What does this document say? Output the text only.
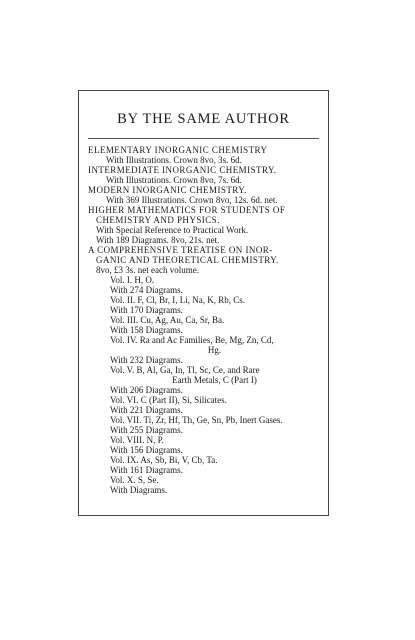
BY THE SAME AUTHOR
ELEMENTARY INORGANIC CHEMISTRY
With Illustrations. Crown 8vo, 3s. 6d.
INTERMEDIATE INORGANIC CHEMISTRY.
With Illustrations. Crown 8vo, 7s. 6d.
MODERN INORGANIC CHEMISTRY.
With 369 Illustrations. Crown 8vo, 12s. 6d. net.
HIGHER MATHEMATICS FOR STUDENTS OF
CHEMISTRY AND PHYSICS.
With Special Reference to Practical Work.
With 189 Diagrams. 8vo, 21s. net.
A COMPREHENSIVE TREATISE ON INOR-
GANIC AND THEORETICAL CHEMISTRY.
8vo, £3 3s. net each volume.
Vol. I. H, O.
With 274 Diagrams.
Vol. II. F, Cl, Br, I, Li, Na, K, Rb, Cs.
With 170 Diagrams.
Vol. III. Cu, Ag, Au, Ca, Sr, Ba.
With 158 Diagrams.
Vol. IV. Ra and Ac Families, Be, Mg, Zn, Cd,
Hg.
With 232 Diagrams.
Vol. V. B, Al, Ga, In, Tl, Sc, Ce, and Rare
Earth Metals, C (Part I)
With 206 Diagrams.
Vol. VI. C (Part II), Si, Silicates.
With 221 Diagrams.
Vol. VII. Ti, Zr, Hf, Th, Ge, Sn, Pb, Inert Gases.
With 255 Diagrams.
Vol. VIII. N, P.
With 156 Diagrams.
Vol. IX. As, Sb, Bi, V, Cb, Ta.
With 161 Diagrams.
Vol. X. S, Se.
With Diagrams.
